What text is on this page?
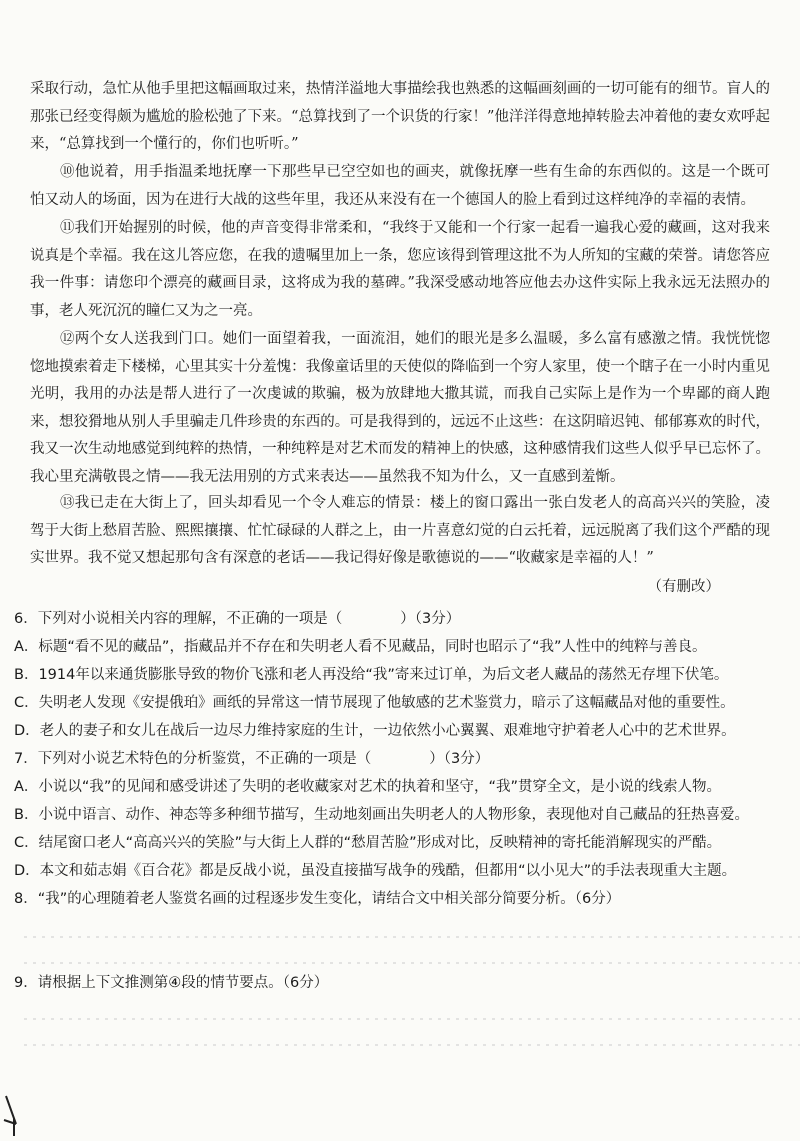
采取行动，急忙从他手里把这幅画取过来，热情洋溢地大事描绘我也熟悉的这幅画刻画的一切可能有的细节。盲人的那张已经变得颇为尴尬的脸松弛了下来。“总算找到了一个识货的行家！”他洋洋得意地掉转脸去冲着他的妻女欢呼起来，“总算找到一个懂行的，你们也听听。”

⑩他说着，用手指温柔地抚摩一下那些早已空空如也的画夹，就像抚摩一些有生命的东西似的。这是一个既可怕又动人的场面，因为在进行大战的这些年里，我还从来没有在一个德国人的脸上看到过这样纯净的幸福的表情。

⑪我们开始握别的时候，他的声音变得非常柔和，“我终于又能和一个行家一起看一遍我心爱的藏画，这对我来说真是个幸福。我在这儿答应您，在我的遗嘱里加上一条，您应该得到管理这批不为人所知的宝藏的荣誉。请您答应我一件事：请您印个漂亮的藏画目录，这将成为我的墓碑。”我深受感动地答应他去办这件实际上我永远无法照办的事，老人死沉沉的瞳仁又为之一亮。

⑫两个女人送我到门口。她们一面望着我，一面流泪，她们的眼光是多么温暖，多么富有感激之情。我恍恍惚惚地摸索着走下楼梯，心里其实十分羞愧：我像童话里的天使似的降临到一个穷人家里，使一个瞎子在一小时内重见光明，我用的办法是帮人进行了一次虔诚的欺骗，极为放肆地大撒其谎，而我自己实际上是作为一个卑鄙的商人跑来，想狡猾地从别人手里骗走几件珍贵的东西的。可是我得到的，远远不止这些：在这阴暗迟钝、郁郁寡欢的时代，我又一次生动地感觉到纯粹的热情，一种纯粹是对艺术而发的精神上的快感，这种感情我们这些人似乎早已忘怀了。我心里充满敬畏之情——我无法用别的方式来表达——虽然我不知为什么，又一直感到羞惭。

⑬我已走在大街上了，回头却看见一个令人难忘的情景：楼上的窗口露出一张白发老人的高高兴兴的笑脸，凌驾于大街上愁眉苦脸、熙熙攘攘、忙忙碌碌的人群之上，由一片喜意幻觉的白云托着，远远脱离了我们这个严酷的现实世界。我不觉又想起那句含有深意的老话——我记得好像是歌德说的——“收藏家是幸福的人！”

（有删改）
6．下列对小说相关内容的理解，不正确的一项是（　　　　）（3分）
A．标题“看不见的藏品”，指藏品并不存在和失明老人看不见藏品，同时也昭示了“我”人性中的纯粹与善良。
B．1914年以来通货膨胀导致的物价飞涨和老人再没给“我”寄来过订单，为后文老人藏品的荡然无存埋下伏笔。
C．失明老人发现《安提俄珀》画纸的异常这一情节展现了他敏感的艺术鉴赏力，暗示了这幅藏品对他的重要性。
D．老人的妻子和女儿在战后一边尽力维持家庭的生计，一边依然小心翼翼、艰难地守护着老人心中的艺术世界。
7．下列对小说艺术特色的分析鉴赏，不正确的一项是（　　　　）（3分）
A．小说以“我”的见闻和感受讲述了失明的老收藏家对艺术的执着和坚守，“我”贯穿全文，是小说的线索人物。
B．小说中语言、动作、神态等多种细节描写，生动地刻画出失明老人的人物形象，表现他对自己藏品的狂热喜爱。
C．结尾窗口老人“高高兴兴的笑脸”与大街上人群的“愁眉苦脸”形成对比，反映精神的寄托能消解现实的严酷。
D．本文和茹志娟《百合花》都是反战小说，虽没直接描写战争的残酷，但都用“以小见大”的手法表现重大主题。
8．“我”的心理随着老人鉴赏名画的过程逐步发生变化，请结合文中相关部分简要分析。（6分）
9．请根据上下文推测第④段的情节要点。（6分）
